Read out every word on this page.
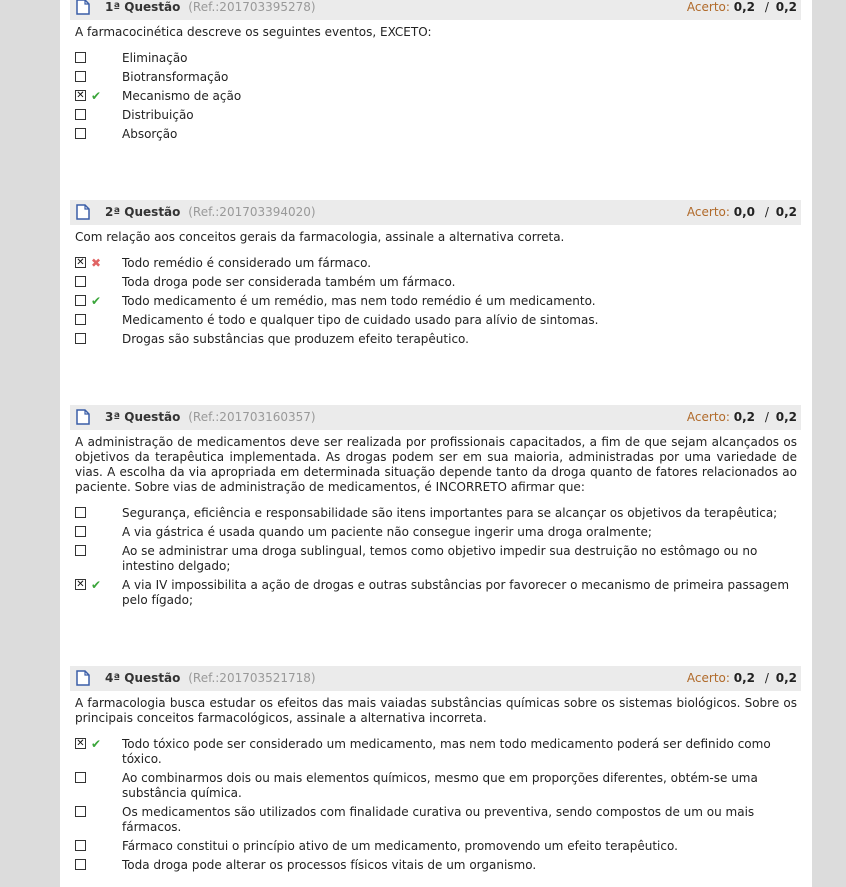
1ª Questão (Ref.:201703395278)	Acerto: 0,2 / 0,2
A farmacocinética descreve os seguintes eventos, EXCETO:
Eliminação
Biotransformação
✕ ✔ Mecanismo de ação
Distribuição
Absorção
2ª Questão (Ref.:201703394020)	Acerto: 0,0 / 0,2
Com relação aos conceitos gerais da farmacologia, assinale a alternativa correta.
✕ ✖ Todo remédio é considerado um fármaco.
Toda droga pode ser considerada também um fármaco.
✔ Todo medicamento é um remédio, mas nem todo remédio é um medicamento.
Medicamento é todo e qualquer tipo de cuidado usado para alívio de sintomas.
Drogas são substâncias que produzem efeito terapêutico.
3ª Questão (Ref.:201703160357)	Acerto: 0,2 / 0,2
A administração de medicamentos deve ser realizada por profissionais capacitados, a fim de que sejam alcançados os objetivos da terapêutica implementada. As drogas podem ser em sua maioria, administradas por uma variedade de vias. A escolha da via apropriada em determinada situação depende tanto da droga quanto de fatores relacionados ao paciente. Sobre vias de administração de medicamentos, é INCORRETO afirmar que:
Segurança, eficiência e responsabilidade são itens importantes para se alcançar os objetivos da terapêutica;
A via gástrica é usada quando um paciente não consegue ingerir uma droga oralmente;
Ao se administrar uma droga sublingual, temos como objetivo impedir sua destruição no estômago ou no intestino delgado;
✕ ✔ A via IV impossibilita a ação de drogas e outras substâncias por favorecer o mecanismo de primeira passagem pelo fígado;
4ª Questão (Ref.:201703521718)	Acerto: 0,2 / 0,2
A farmacologia busca estudar os efeitos das mais vaiadas substâncias químicas sobre os sistemas biológicos. Sobre os principais conceitos farmacológicos, assinale a alternativa incorreta.
✕ ✔ Todo tóxico pode ser considerado um medicamento, mas nem todo medicamento poderá ser definido como tóxico.
Ao combinarmos dois ou mais elementos químicos, mesmo que em proporções diferentes, obtém-se uma substância química.
Os medicamentos são utilizados com finalidade curativa ou preventiva, sendo compostos de um ou mais fármacos.
Fármaco constitui o princípio ativo de um medicamento, promovendo um efeito terapêutico.
Toda droga pode alterar os processos físicos vitais de um organismo.
